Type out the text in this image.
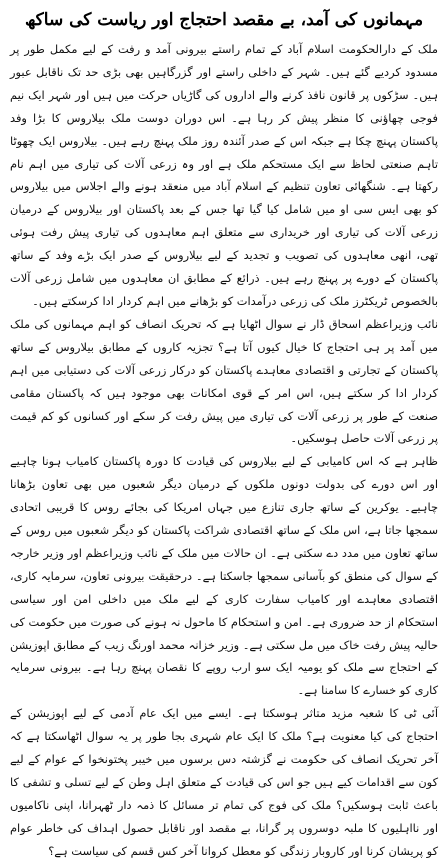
مہمانوں کی آمد، بے مقصد احتجاج اور ریاست کی ساکھ

ملک کے دارالحکومت اسلام آباد کے تمام راستے بیرونی آمد و رفت کے لیے مکمل طور پر مسدود کردیے گئے ہیں۔ شہر کے داخلی راستے اور گزرگاہیں بھی بڑی حد تک ناقابل عبور ہیں۔ سڑکوں پر قانون نافذ کرنے والے اداروں کی گاڑیاں حرکت میں ہیں اور شہر ایک نیم فوجی چھاؤنی کا منظر پیش کر رہا ہے۔ اس دوران دوست ملک بیلاروس کا بڑا وفد پاکستان پہنچ چکا ہے جبکہ اس کے صدر آئندہ روز ملک پہنچ رہے ہیں۔ بیلاروس ایک چھوٹا تاہم صنعتی لحاظ سے ایک مستحکم ملک ہے اور وہ زرعی آلات کی تیاری میں اہم نام رکھتا ہے۔ شنگھائی تعاون تنظیم کے اسلام آباد میں منعقد ہونے والے اجلاس میں بیلاروس کو بھی ایس سی او میں شامل کیا گیا تھا جس کے بعد پاکستان اور بیلاروس کے درمیان زرعی آلات کی تیاری اور خریداری سے متعلق اہم معاہدوں کی تیاری پیش رفت ہوئی تھی، انھی معاہدوں کی تصویب و تجدید کے لیے بیلاروس کے صدر ایک بڑے وفد کے ساتھ پاکستان کے دورے پر پہنچ رہے ہیں۔ ذرائع کے مطابق ان معاہدوں میں شامل زرعی آلات بالخصوص ٹریکٹرز ملک کی زرعی درآمدات کو بڑھانے میں اہم کردار ادا کرسکتے ہیں۔

نائب وزیراعظم اسحاق ڈار نے سوال اٹھایا ہے کہ تحریک انصاف کو اہم مہمانوں کی ملک میں آمد پر ہی احتجاج کا خیال کیوں آتا ہے؟ تجزیہ کاروں کے مطابق بیلاروس کے ساتھ پاکستان کے تجارتی و اقتصادی معاہدے پاکستان کو درکار زرعی آلات کی دستیابی میں اہم کردار ادا کر سکتے ہیں، اس امر کے قوی امکانات بھی موجود ہیں کہ پاکستان مقامی صنعت کے طور پر زرعی آلات کی تیاری میں پیش رفت کر سکے اور کسانوں کو کم قیمت پر زرعی آلات حاصل ہوسکیں۔

ظاہر ہے کہ اس کامیابی کے لیے بیلاروس کی قیادت کا دورہ پاکستان کامیاب ہونا چاہیے اور اس دورے کی بدولت دونوں ملکوں کے درمیان دیگر شعبوں میں بھی تعاون بڑھانا چاہیے۔ یوکرین کے ساتھ جاری تنازع میں جہاں امریکا کی بجائے روس کا قریبی اتحادی سمجھا جاتا ہے، اس ملک کے ساتھ اقتصادی شراکت پاکستان کو دیگر شعبوں میں روس کے ساتھ تعاون میں مدد دے سکتی ہے۔ ان حالات میں ملک کے نائب وزیراعظم اور وزیر خارجہ کے سوال کی منطق کو بآسانی سمجھا جاسکتا ہے۔ درحقیقت بیرونی تعاون، سرمایہ کاری، اقتصادی معاہدے اور کامیاب سفارت کاری کے لیے ملک میں داخلی امن اور سیاسی استحکام از حد ضروری ہے۔ امن و استحکام کا ماحول نہ ہونے کی صورت میں حکومت کی حالیہ پیش رفت خاک میں مل سکتی ہے۔ وزیر خزانہ محمد اورنگ زیب کے مطابق اپوزیشن کے احتجاج سے ملک کو یومیہ ایک سو ارب روپے کا نقصان پہنچ رہا ہے۔ بیرونی سرمایہ کاری کو خسارے کا سامنا ہے۔

آئی ٹی کا شعبہ مزید متاثر ہوسکتا ہے۔ ایسے میں ایک عام آدمی کے لیے اپوزیشن کے احتجاج کی کیا معنویت ہے؟ ملک کا ایک عام شہری بجا طور پر یہ سوال اٹھاسکتا ہے کہ آخر تحریک انصاف کی حکومت نے گزشتہ دس برسوں میں خیبر پختونخوا کے عوام کے لیے کون سے اقدامات کیے ہیں جو اس کی قیادت کے متعلق اہل وطن کے لیے تسلی و تشفی کا باعث ثابت ہوسکیں؟ ملک کی فوج کی تمام تر مسائل کا ذمہ دار ٹھہرانا، اپنی ناکامیوں اور نااہلیوں کا ملبہ دوسروں پر گرانا، بے مقصد اور ناقابل حصول اہداف کی خاطر عوام کو پریشان کرنا اور کاروبار زندگی کو معطل کروانا آخر کس قسم کی سیاست ہے؟
